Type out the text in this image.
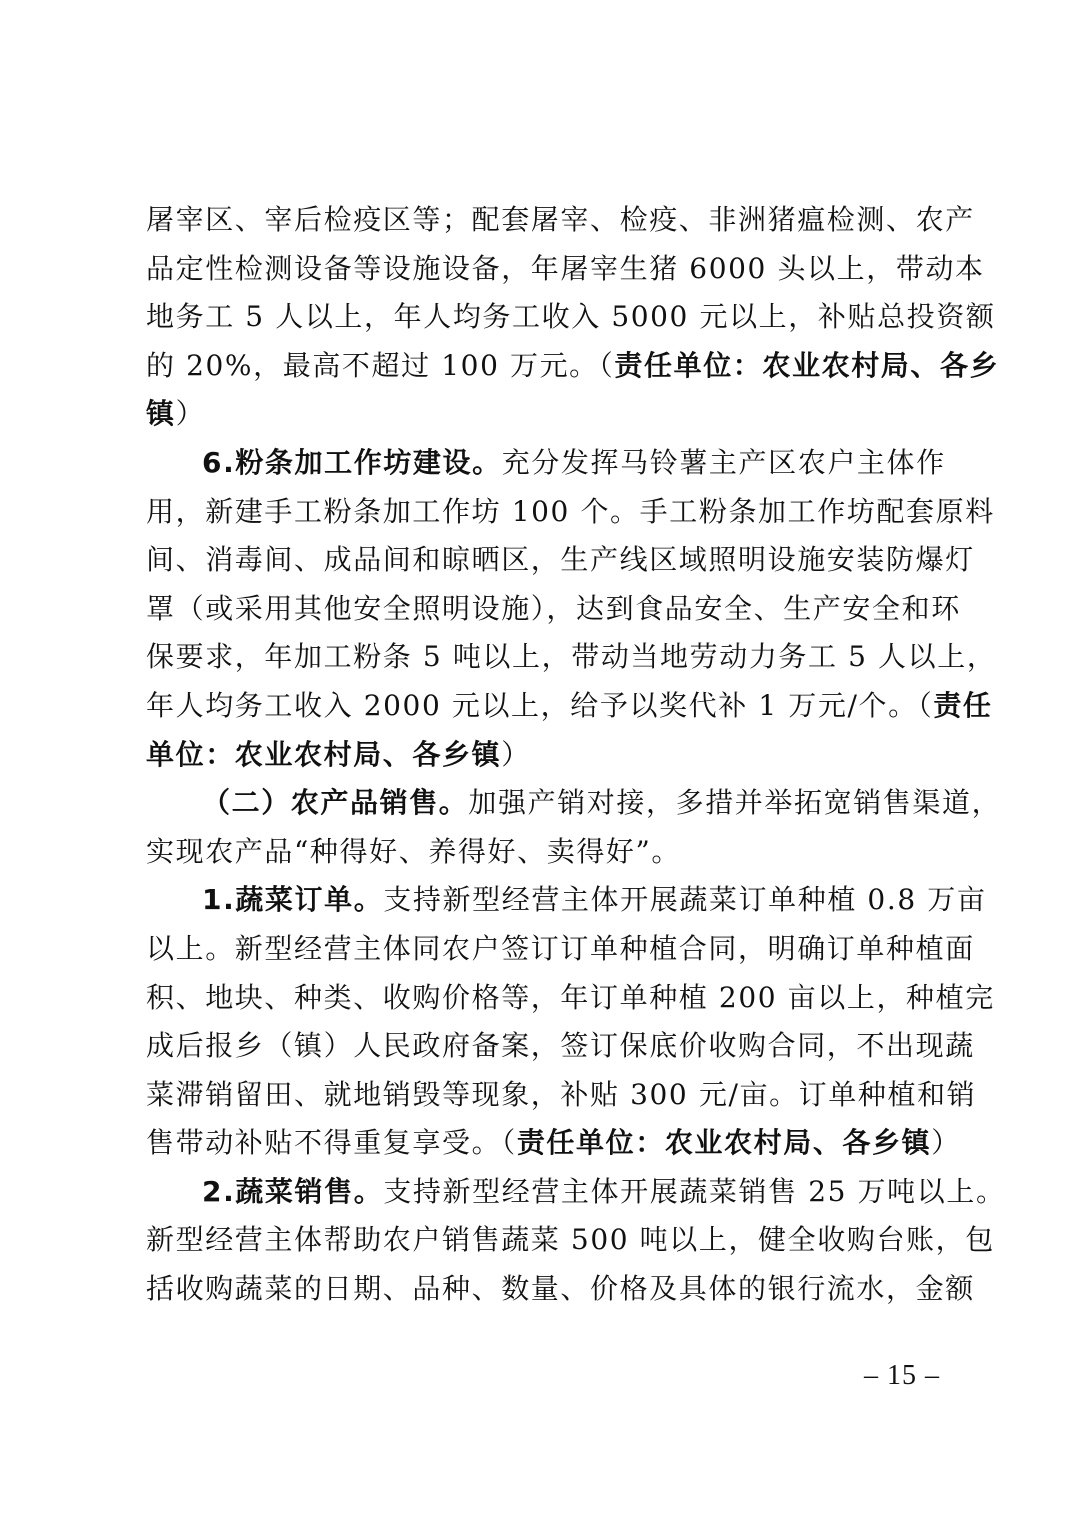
屠宰区、宰后检疫区等；配套屠宰、检疫、非洲猪瘟检测、农产
品定性检测设备等设施设备，年屠宰生猪 6000 头以上，带动本
地务工 5 人以上，年人均务工收入 5000 元以上，补贴总投资额
的 20%，最高不超过 100 万元。（责任单位：农业农村局、各乡
镇）
6.粉条加工作坊建设。充分发挥马铃薯主产区农户主体作
用，新建手工粉条加工作坊 100 个。手工粉条加工作坊配套原料
间、消毒间、成品间和晾晒区，生产线区域照明设施安装防爆灯
罩（或采用其他安全照明设施），达到食品安全、生产安全和环
保要求，年加工粉条 5 吨以上，带动当地劳动力务工 5 人以上，
年人均务工收入 2000 元以上，给予以奖代补 1 万元/个。（责任
单位：农业农村局、各乡镇）
（二）农产品销售。加强产销对接，多措并举拓宽销售渠道，
实现农产品“种得好、养得好、卖得好”。
1.蔬菜订单。支持新型经营主体开展蔬菜订单种植 0.8 万亩
以上。新型经营主体同农户签订订单种植合同，明确订单种植面
积、地块、种类、收购价格等，年订单种植 200 亩以上，种植完
成后报乡（镇）人民政府备案，签订保底价收购合同，不出现蔬
菜滞销留田、就地销毁等现象，补贴 300 元/亩。订单种植和销
售带动补贴不得重复享受。（责任单位：农业农村局、各乡镇）
2.蔬菜销售。支持新型经营主体开展蔬菜销售 25 万吨以上。
新型经营主体帮助农户销售蔬菜 500 吨以上，健全收购台账，包
括收购蔬菜的日期、品种、数量、价格及具体的银行流水，金额
– 15 –
